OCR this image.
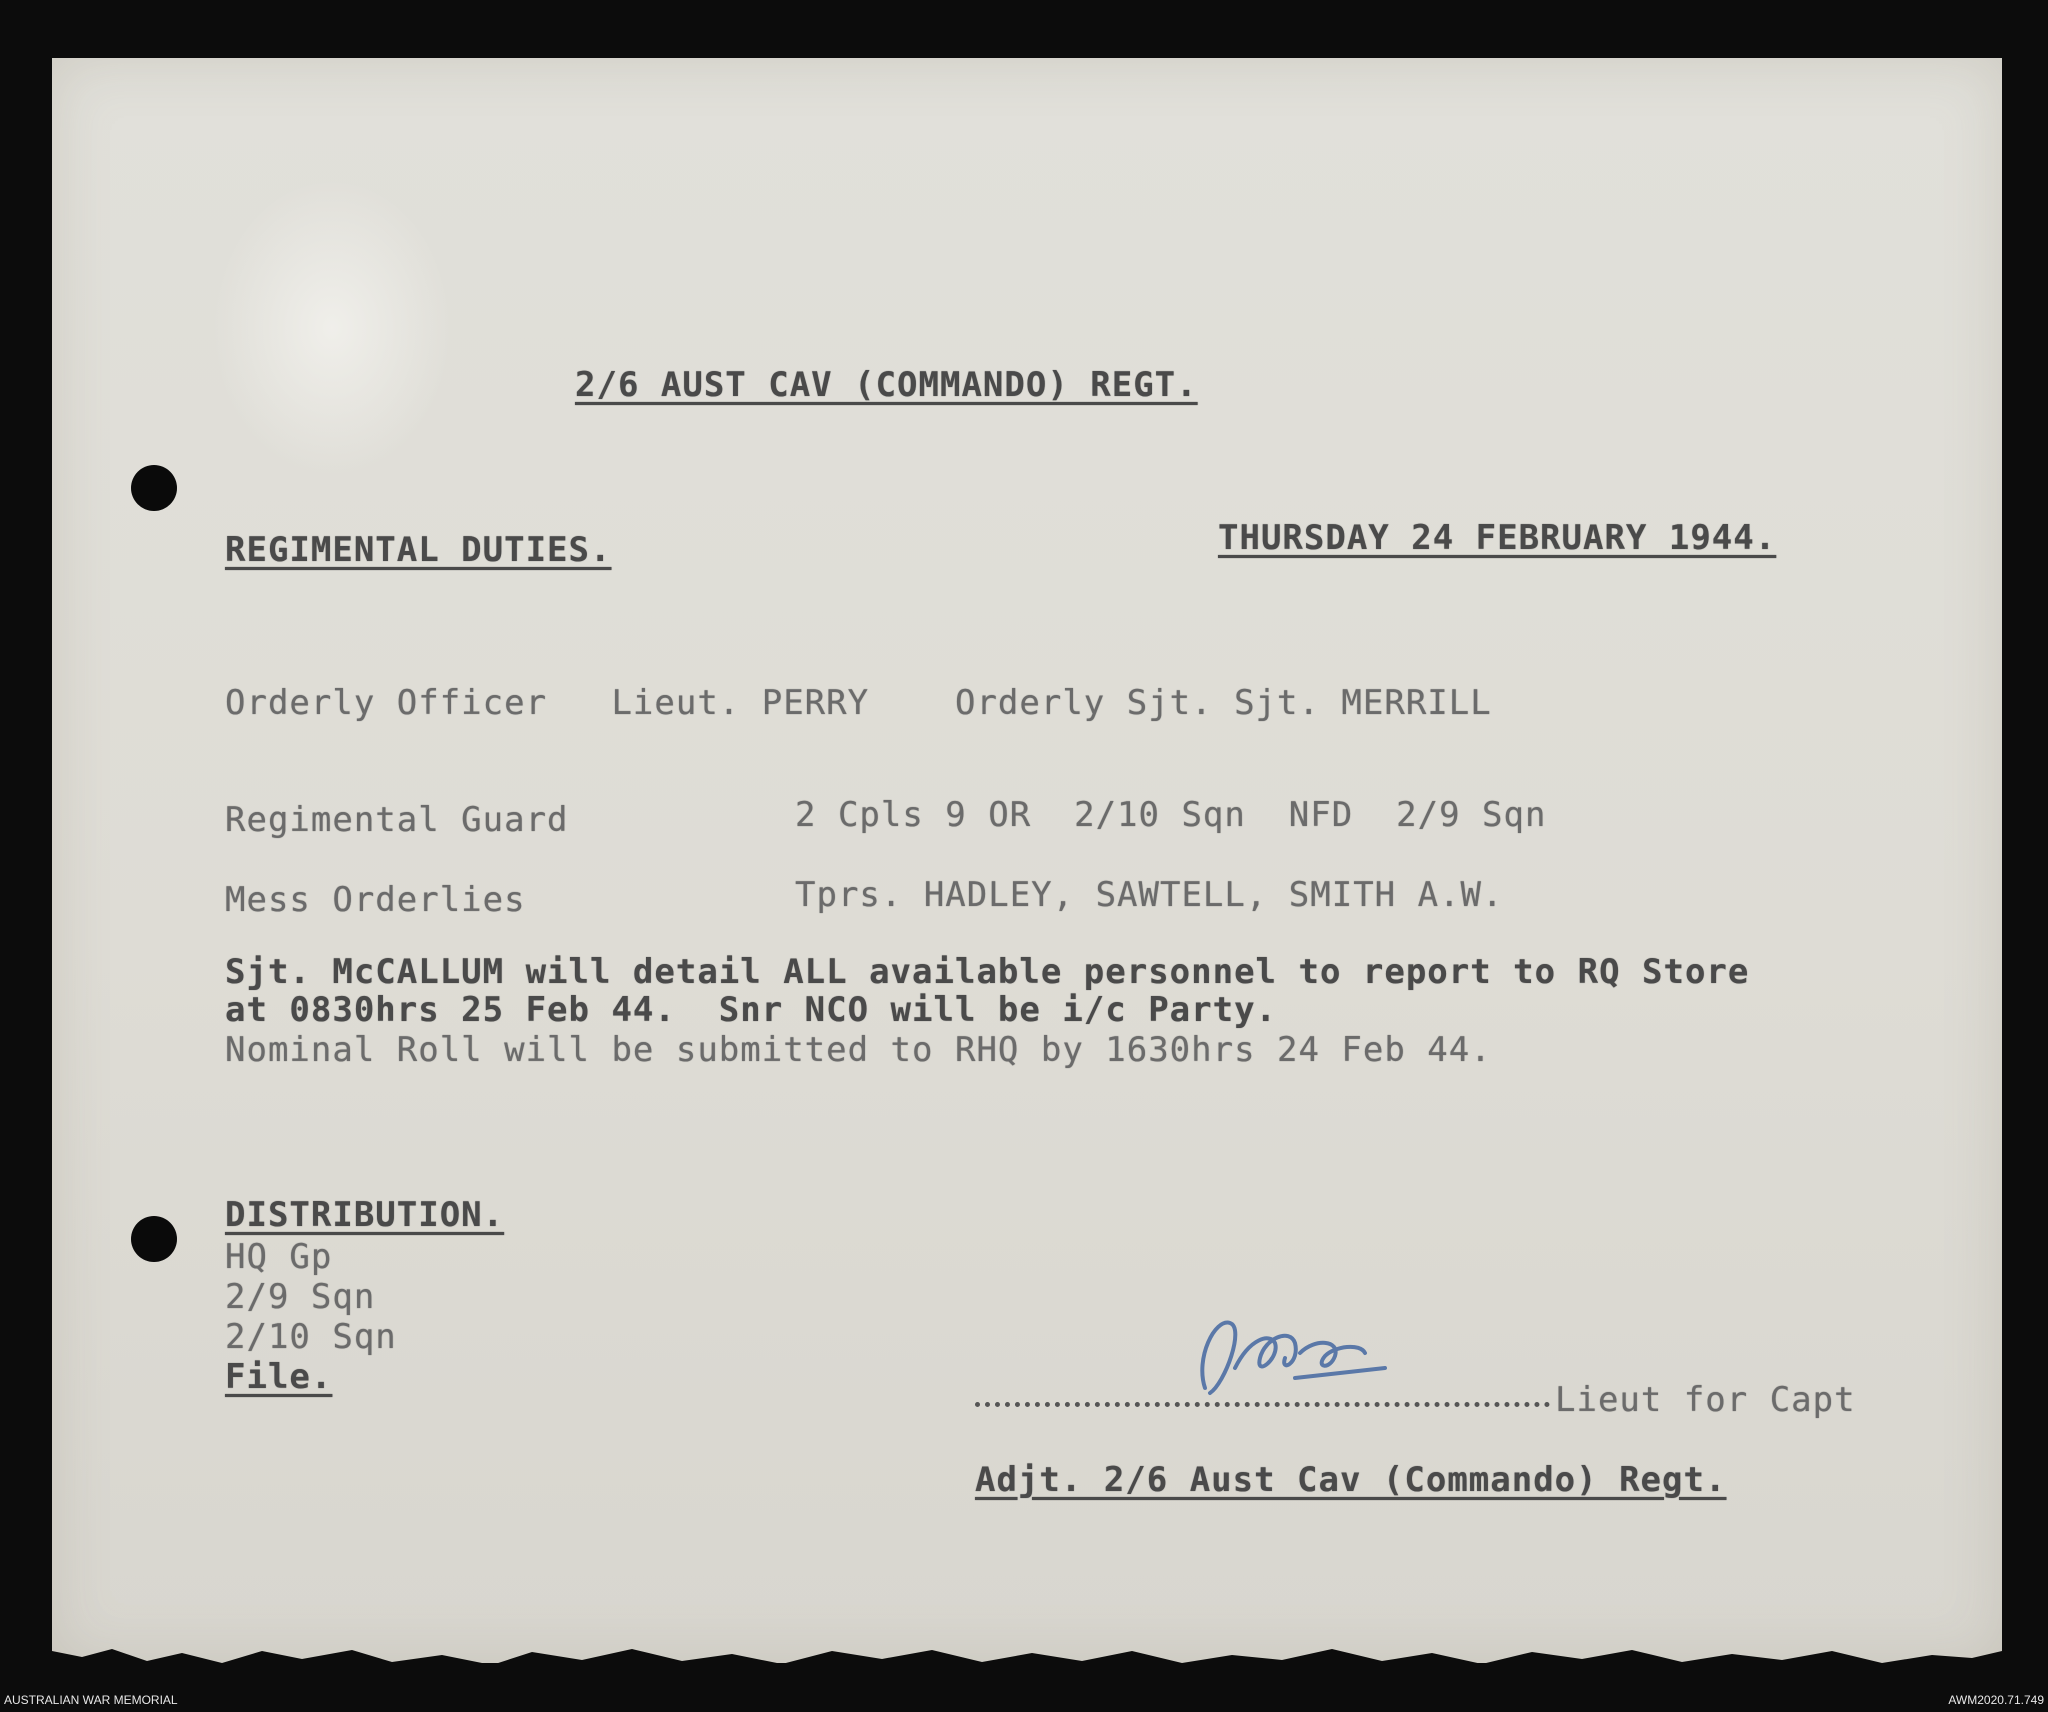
2/6 AUST CAV (COMMANDO) REGT.
REGIMENTAL DUTIES.	THURSDAY 24 FEBRUARY 1944.
Orderly Officer   Lieut. PERRY    Orderly Sjt. Sjt. MERRILL
Regimental Guard	2 Cpls 9 OR  2/10 Sqn  NFD  2/9 Sqn
Mess Orderlies	Tprs. HADLEY, SAWTELL, SMITH A.W.
Sjt. McCALLUM will detail ALL available personnel to report to RQ Store
at 0830hrs 25 Feb 44.  Snr NCO will be i/c Party.
Nominal Roll will be submitted to RHQ by 1630hrs 24 Feb 44.
DISTRIBUTION.
HQ Gp
2/9 Sqn
2/10 Sqn
File.
Lieut for Capt
Adjt. 2/6 Aust Cav (Commando) Regt.
AUSTRALIAN WAR MEMORIAL	AWM2020.71.749
